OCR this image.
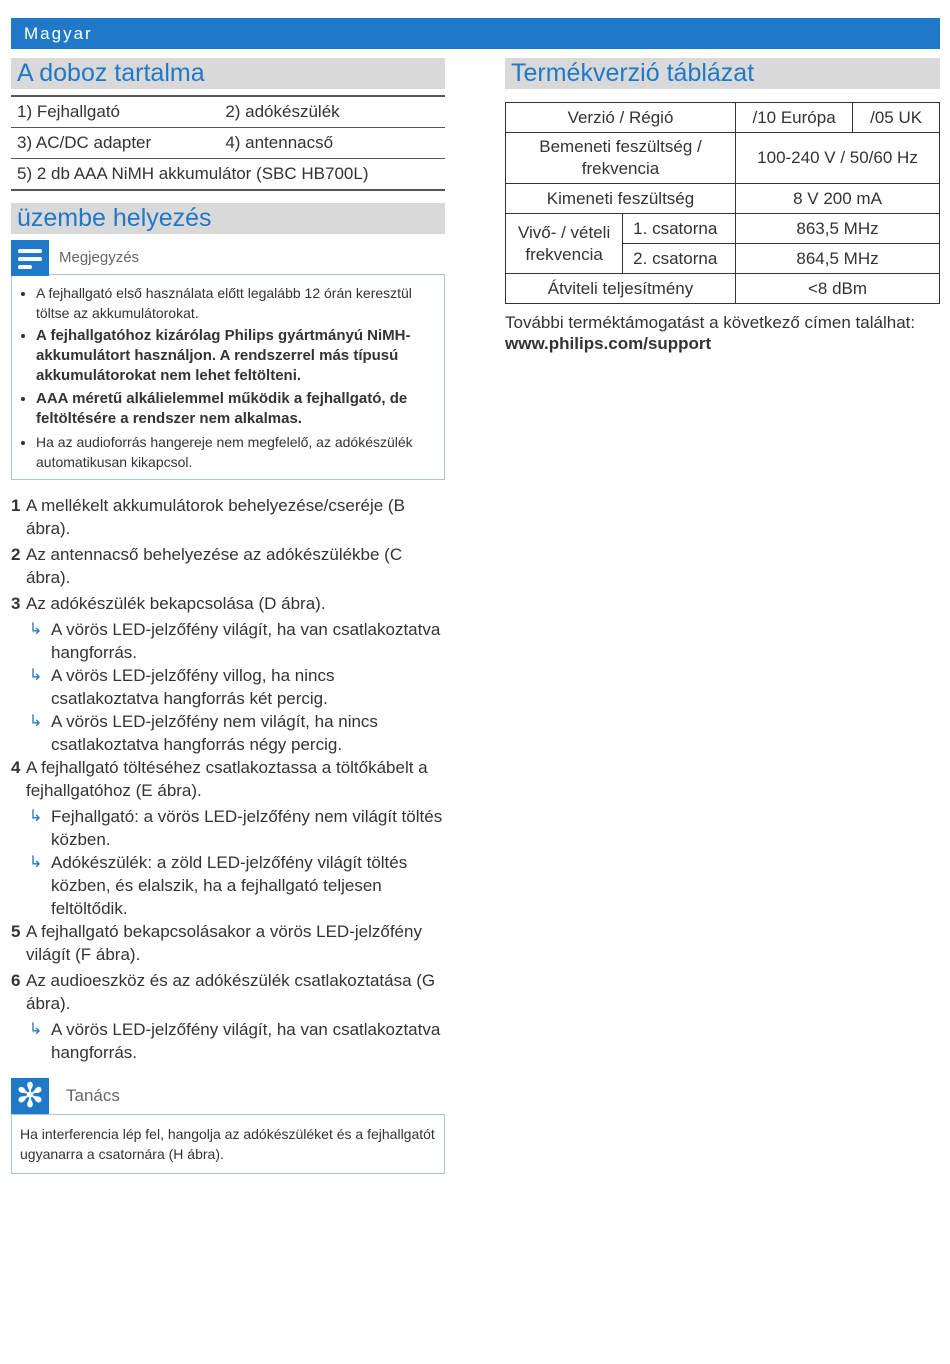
Magyar
A doboz tartalma
1) Fejhallgató	2) adókészülék
3) AC/DC adapter	4) antennacső
5) 2 db AAA NiMH akkumulátor (SBC HB700L)	
üzembe helyezés
Megjegyzés
• A fejhallgató első használata előtt legalább 12 órán keresztül töltse az akkumulátorokat.
• A fejhallgatóhoz kizárólag Philips gyártmányú NiMH-akkumulátort használjon. A rendszerrel más típusú akkumulátorokat nem lehet feltölteni.
• AAA méretű alkálielemmel működik a fejhallgató, de feltöltésére a rendszer nem alkalmas.
• Ha az audioforrás hangereje nem megfelelő, az adókészülék automatikusan kikapcsol.
1 A mellékelt akkumulátorok behelyezése/cseréje (B ábra).
2 Az antennacső behelyezése az adókészülékbe (C ábra).
3 Az adókészülék bekapcsolása (D ábra).
↳ A vörös LED-jelzőfény világít, ha van csatlakoztatva hangforrás.
↳ A vörös LED-jelzőfény villog, ha nincs csatlakoztatva hangforrás két percig.
↳ A vörös LED-jelzőfény nem világít, ha nincs csatlakoztatva hangforrás négy percig.
4 A fejhallgató töltéséhez csatlakoztassa a töltőkábelt a fejhallgatóhoz (E ábra).
↳ Fejhallgató: a vörös LED-jelzőfény nem világít töltés közben.
↳ Adókészülék: a zöld LED-jelzőfény világít töltés közben, és elalszik, ha a fejhallgató teljesen feltöltődik.
5 A fejhallgató bekapcsolásakor a vörös LED-jelzőfény világít (F ábra).
6 Az audioeszköz és az adókészülék csatlakoztatása (G ábra).
↳ A vörös LED-jelzőfény világít, ha van csatlakoztatva hangforrás.
✻ Tanács
Ha interferencia lép fel, hangolja az adókészüléket és a fejhallgatót ugyanarra a csatornára (H ábra).
Termékverzió táblázat
Verzió / Régió		/10 Európa	/05 UK
Bemeneti feszültség / frekvencia		100-240 V / 50/60 Hz	
Kimeneti feszültség		8 V 200 mA	
Vivő- / vételi frekvencia	1. csatorna	863,5 MHz	
	2. csatorna	864,5 MHz	
Átviteli teljesítmény		<8 dBm	
További terméktámogatást a következő címen találhat:
www.philips.com/support
